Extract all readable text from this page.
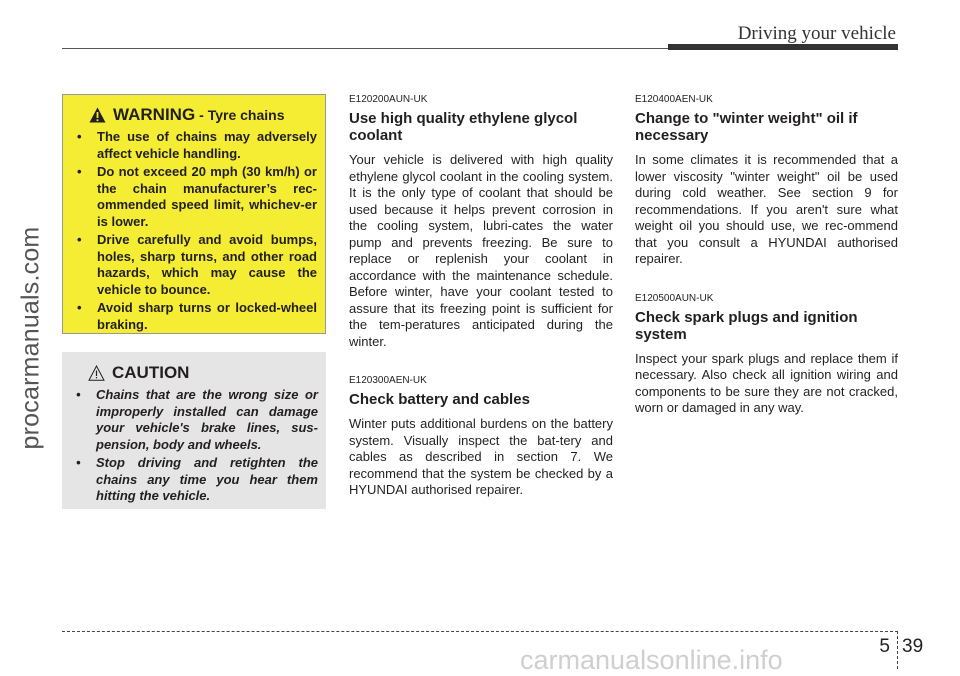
procarmanuals.com
Driving your vehicle
WARNING - Tyre chains
• The use of chains may adversely affect vehicle handling.
• Do not exceed 20 mph (30 km/h) or the chain manufacturer’s rec-ommended speed limit, whichev-er is lower.
• Drive carefully and avoid bumps, holes, sharp turns, and other road hazards, which may cause the vehicle to bounce.
• Avoid sharp turns or locked-wheel braking.
CAUTION
• Chains that are the wrong size or improperly installed can damage your vehicle's brake lines, sus-pension, body and wheels.
• Stop driving and retighten the chains any time you hear them hitting the vehicle.

E120200AUN-UK

Use high quality ethylene glycol coolant

Your vehicle is delivered with high quality ethylene glycol coolant in the cooling system. It is the only type of coolant that should be used because it helps prevent corrosion in the cooling system, lubri-cates the water pump and prevents freezing. Be sure to replace or replenish your coolant in accordance with the maintenance schedule. Before winter, have your coolant tested to assure that its freezing point is sufficient for the tem-peratures anticipated during the winter.

E120300AEN-UK

Check battery and cables

Winter puts additional burdens on the battery system. Visually inspect the bat-tery and cables as described in section 7. We recommend that the system be checked by a HYUNDAI authorised repairer.

E120400AEN-UK

Change to "winter weight" oil if necessary

In some climates it is recommended that a lower viscosity "winter weight" oil be used during cold weather. See section 9 for recommendations. If you aren't sure what weight oil you should use, we rec-ommend that you consult a HYUNDAI authorised repairer.

E120500AUN-UK

Check spark plugs and ignition system

Inspect your spark plugs and replace them if necessary. Also check all ignition wiring and components to be sure they are not cracked, worn or damaged in any way.

5 39
carmanualsonline.info
